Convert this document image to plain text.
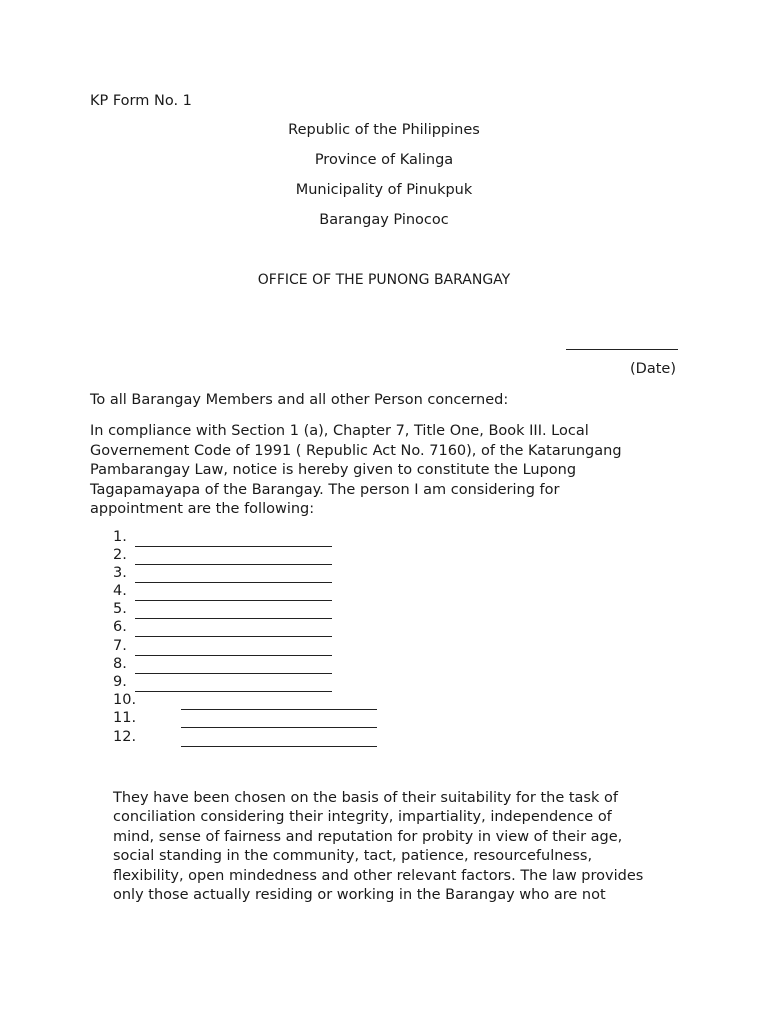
KP Form No. 1

Republic of the Philippines

Province of Kalinga

Municipality of Pinukpuk

Barangay Pinococ

OFFICE OF THE PUNONG BARANGAY

(Date)

To all Barangay Members and all other Person concerned:

In compliance with Section 1 (a), Chapter 7, Title One, Book III. Local
Governement Code of 1991 ( Republic Act No. 7160), of the Katarungang
Pambarangay Law, notice is hereby given to constitute the Lupong
Tagapamayapa of the Barangay. The person I am considering for
appointment are the following:

1.
2.
3.
4.
5.
6.
7.
8.
9.
10.
11.
12.

They have been chosen on the basis of their suitability for the task of
conciliation considering their integrity, impartiality, independence of
mind, sense of fairness and reputation for probity in view of their age,
social standing in the community, tact, patience, resourcefulness,
flexibility, open mindedness and other relevant factors. The law provides
only those actually residing or working in the Barangay who are not
